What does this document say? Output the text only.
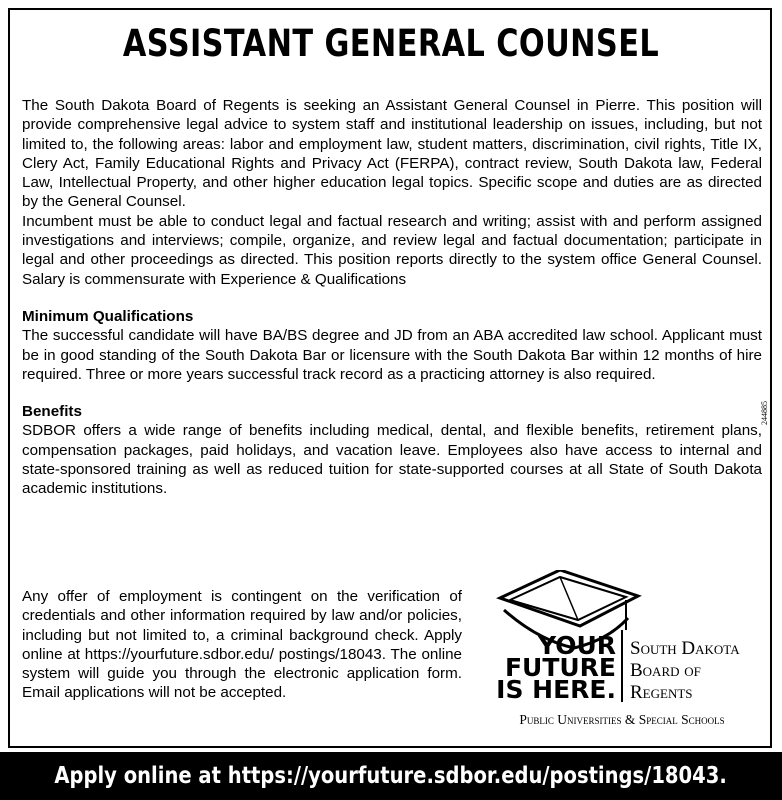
ASSISTANT GENERAL COUNSEL

The South Dakota Board of Regents is seeking an Assistant General Counsel in Pierre. This position will provide comprehensive legal advice to system staff and institutional leadership on issues, including, but not limited to, the following areas: labor and employment law, student matters, discrimination, civil rights, Title IX, Clery Act, Family Educational Rights and Privacy Act (FERPA), contract review, South Dakota law, Federal Law, Intellectual Property, and other higher education legal topics. Specific scope and duties are as directed by the General Counsel.

Incumbent must be able to conduct legal and factual research and writing; assist with and perform assigned investigations and interviews; compile, organize, and review legal and factual documentation; participate in legal and other proceedings as directed. This position reports directly to the system office General Counsel. Salary is commensurate with Experience & Qualifications

Minimum Qualifications

The successful candidate will have BA/BS degree and JD from an ABA accredited law school. Applicant must be in good standing of the South Dakota Bar or licensure with the South Dakota Bar within 12 months of hire required. Three or more years successful track record as a practicing attorney is also required.

Benefits

SDBOR offers a wide range of benefits including medical, dental, and flexible benefits, retirement plans, compensation packages, paid holidays, and vacation leave. Employees also have access to internal and state-sponsored training as well as reduced tuition for state-supported courses at all State of South Dakota academic institutions.

Any offer of employment is contingent on the verification of credentials and other information required by law and/or policies, including but not limited to, a criminal background check. Apply online at https://yourfuture.sdbor.edu/ postings/18043. The online system will guide you through the electronic application form. Email applications will not be accepted.

YOUR
FUTURE
IS HERE.
South Dakota
Board of
Regents
Public Universities & Special Schools
244885
Apply online at https://yourfuture.sdbor.edu/postings/18043.
